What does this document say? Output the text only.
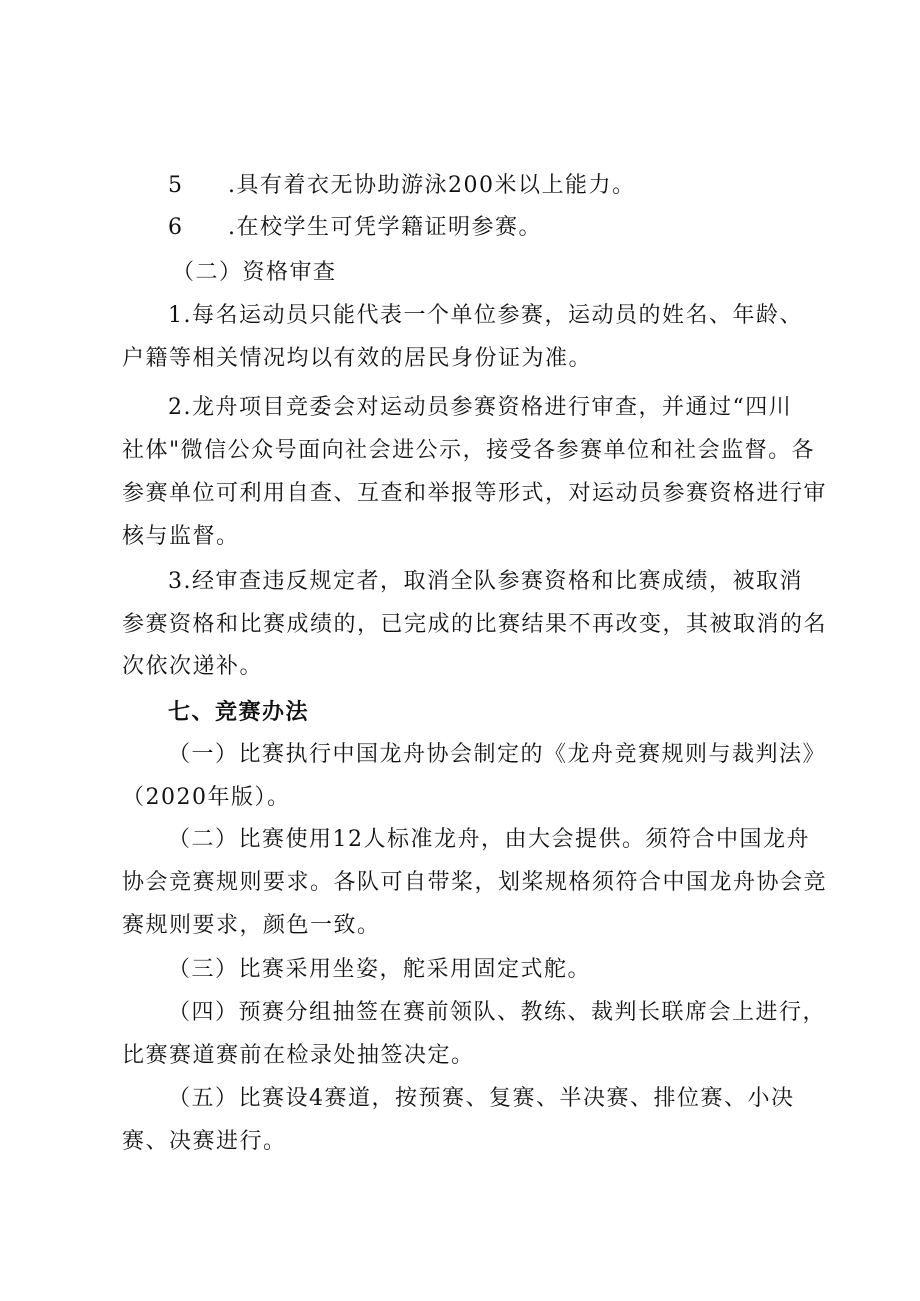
5 .具有着衣无协助游泳200米以上能力。
6 .在校学生可凭学籍证明参赛。
（二）资格审查
1.每名运动员只能代表一个单位参赛，运动员的姓名、年龄、
户籍等相关情况均以有效的居民身份证为准。
2.龙舟项目竞委会对运动员参赛资格进行审查，并通过“四川
社体"微信公众号面向社会进公示，接受各参赛单位和社会监督。各
参赛单位可利用自查、互查和举报等形式，对运动员参赛资格进行审
核与监督。
3.经审查违反规定者，取消全队参赛资格和比赛成绩，被取消
参赛资格和比赛成绩的，已完成的比赛结果不再改变，其被取消的名
次依次递补。
七、竞赛办法
（一）比赛执行中国龙舟协会制定的《龙舟竞赛规则与裁判法》
（2020年版）。
（二）比赛使用12人标准龙舟，由大会提供。须符合中国龙舟
协会竞赛规则要求。各队可自带桨，划桨规格须符合中国龙舟协会竞
赛规则要求，颜色一致。
（三）比赛采用坐姿，舵采用固定式舵。
（四）预赛分组抽签在赛前领队、教练、裁判长联席会上进行，
比赛赛道赛前在检录处抽签决定。
（五）比赛设4赛道，按预赛、复赛、半决赛、排位赛、小决
赛、决赛进行。
